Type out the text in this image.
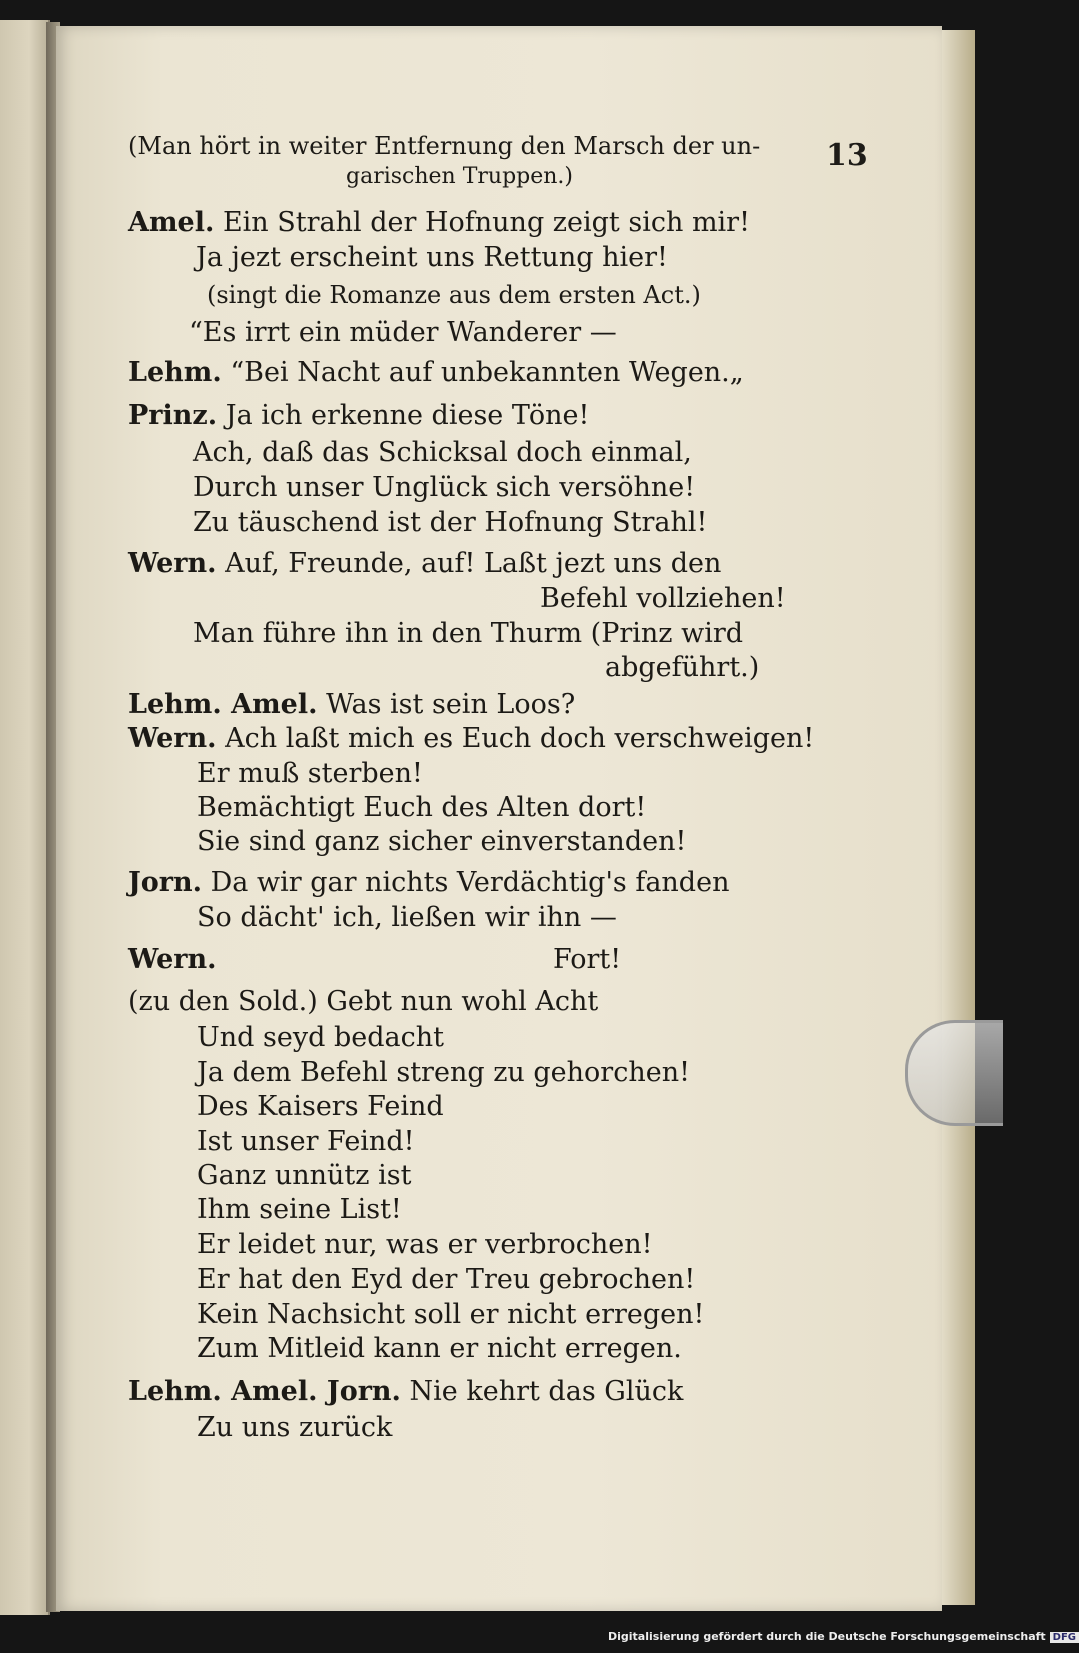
13
(Man hört in weiter Entfernung den Marsch der un-
garischen Truppen.)
Amel. Ein Strahl der Hofnung zeigt sich mir!
Ja jezt erscheint uns Rettung hier!
(singt die Romanze aus dem ersten Act.)
“Es irrt ein müder Wanderer —
Lehm. “Bei Nacht auf unbekannten Wegen.„
Prinz. Ja ich erkenne diese Töne!
Ach, daß das Schicksal doch einmal,
Durch unser Unglück sich versöhne!
Zu täuschend ist der Hofnung Strahl!
Wern. Auf, Freunde, auf! Laßt jezt uns den
Befehl vollziehen!
Man führe ihn in den Thurm (Prinz wird
abgeführt.)
Lehm. Amel. Was ist sein Loos?
Wern. Ach laßt mich es Euch doch verschweigen!
Er muß sterben!
Bemächtigt Euch des Alten dort!
Sie sind ganz sicher einverstanden!
Jorn. Da wir gar nichts Verdächtig's fanden
So dächt' ich, ließen wir ihn —
Wern.	Fort!
(zu den Sold.) Gebt nun wohl Acht
Und seyd bedacht
Ja dem Befehl streng zu gehorchen!
Des Kaisers Feind
Ist unser Feind!
Ganz unnütz ist
Ihm seine List!
Er leidet nur, was er verbrochen!
Er hat den Eyd der Treu gebrochen!
Kein Nachsicht soll er nicht erregen!
Zum Mitleid kann er nicht erregen.
Lehm. Amel. Jorn. Nie kehrt das Glück
Zu uns zurück
Digitalisierung gefördert durch die Deutsche Forschungsgemeinschaft DFG
